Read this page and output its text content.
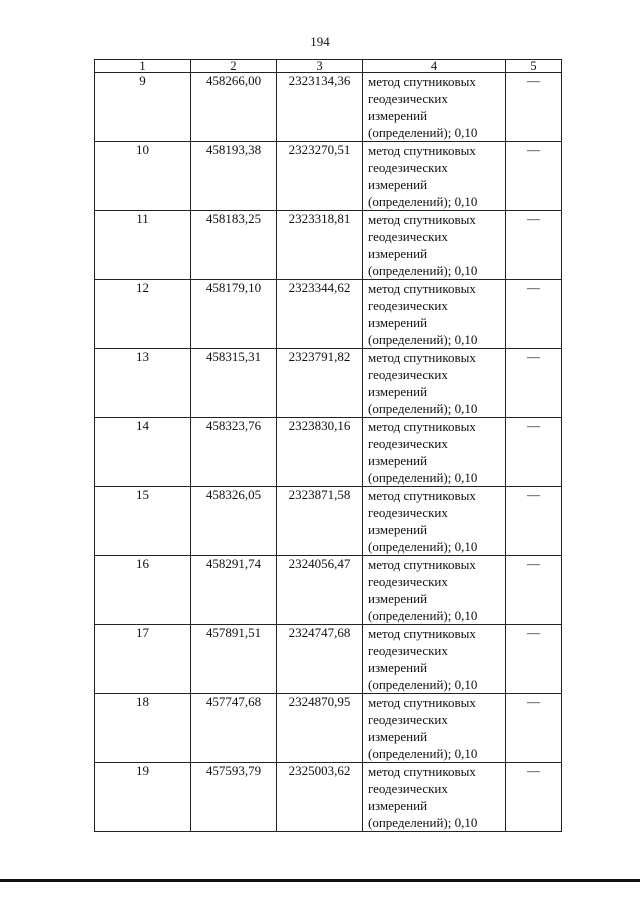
194
1	2	3	4	5
9	458266,00	2323134,36	метод спутниковых
геодезических
измерений
(определений); 0,10	—
10	458193,38	2323270,51	метод спутниковых
геодезических
измерений
(определений); 0,10	—
11	458183,25	2323318,81	метод спутниковых
геодезических
измерений
(определений); 0,10	—
12	458179,10	2323344,62	метод спутниковых
геодезических
измерений
(определений); 0,10	—
13	458315,31	2323791,82	метод спутниковых
геодезических
измерений
(определений); 0,10	—
14	458323,76	2323830,16	метод спутниковых
геодезических
измерений
(определений); 0,10	—
15	458326,05	2323871,58	метод спутниковых
геодезических
измерений
(определений); 0,10	—
16	458291,74	2324056,47	метод спутниковых
геодезических
измерений
(определений); 0,10	—
17	457891,51	2324747,68	метод спутниковых
геодезических
измерений
(определений); 0,10	—
18	457747,68	2324870,95	метод спутниковых
геодезических
измерений
(определений); 0,10	—
19	457593,79	2325003,62	метод спутниковых
геодезических
измерений
(определений); 0,10	—
